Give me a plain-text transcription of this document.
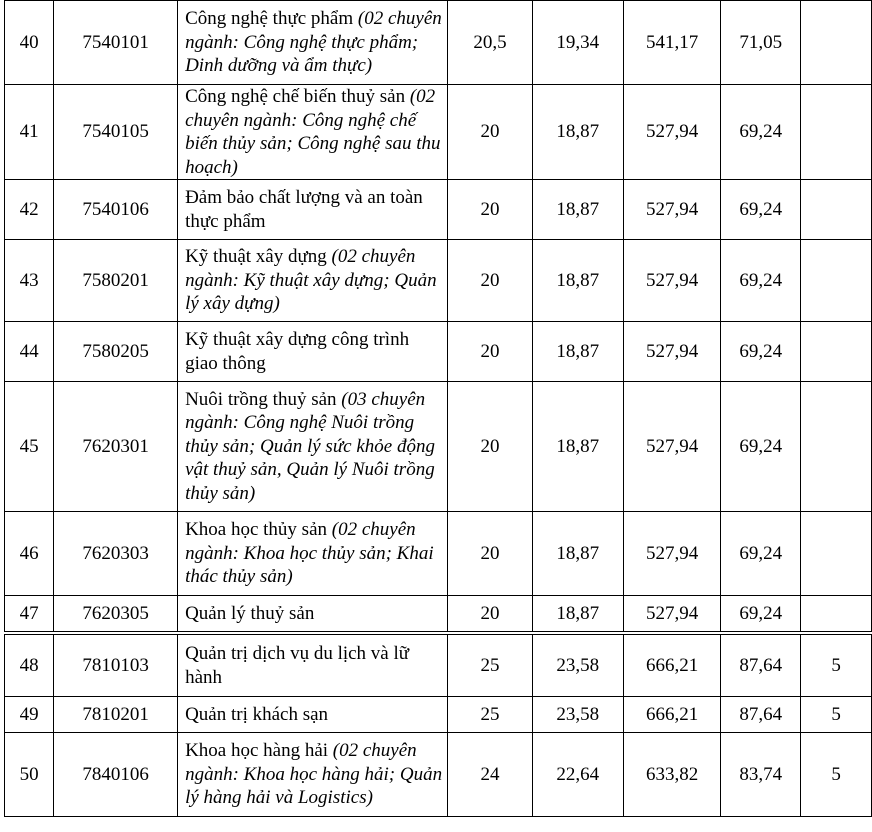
40	7540101	Công nghệ thực phẩm (02 chuyên ngành: Công nghệ thực phẩm; Dinh dưỡng và ẩm thực)	20,5	19,34	541,17	71,05	
41	7540105	Công nghệ chế biến thuỷ sản (02 chuyên ngành: Công nghệ chế biến thủy sản; Công nghệ sau thu hoạch)	20	18,87	527,94	69,24	
42	7540106	Đảm bảo chất lượng và an toàn thực phẩm	20	18,87	527,94	69,24	
43	7580201	Kỹ thuật xây dựng (02 chuyên ngành: Kỹ thuật xây dựng; Quản lý xây dựng)	20	18,87	527,94	69,24	
44	7580205	Kỹ thuật xây dựng công trình giao thông	20	18,87	527,94	69,24	
45	7620301	Nuôi trồng thuỷ sản (03 chuyên ngành: Công nghệ Nuôi trồng thủy sản; Quản lý sức khỏe động vật thuỷ sản, Quản lý Nuôi trồng thủy sản)	20	18,87	527,94	69,24	
46	7620303	Khoa học thủy sản (02 chuyên ngành: Khoa học thủy sản; Khai thác thủy sản)	20	18,87	527,94	69,24	
47	7620305	Quản lý thuỷ sản	20	18,87	527,94	69,24	

48	7810103	Quản trị dịch vụ du lịch và lữ hành	25	23,58	666,21	87,64	5
49	7810201	Quản trị khách sạn	25	23,58	666,21	87,64	5
50	7840106	Khoa học hàng hải (02 chuyên ngành: Khoa học hàng hải; Quản lý hàng hải và Logistics)	24	22,64	633,82	83,74	5
